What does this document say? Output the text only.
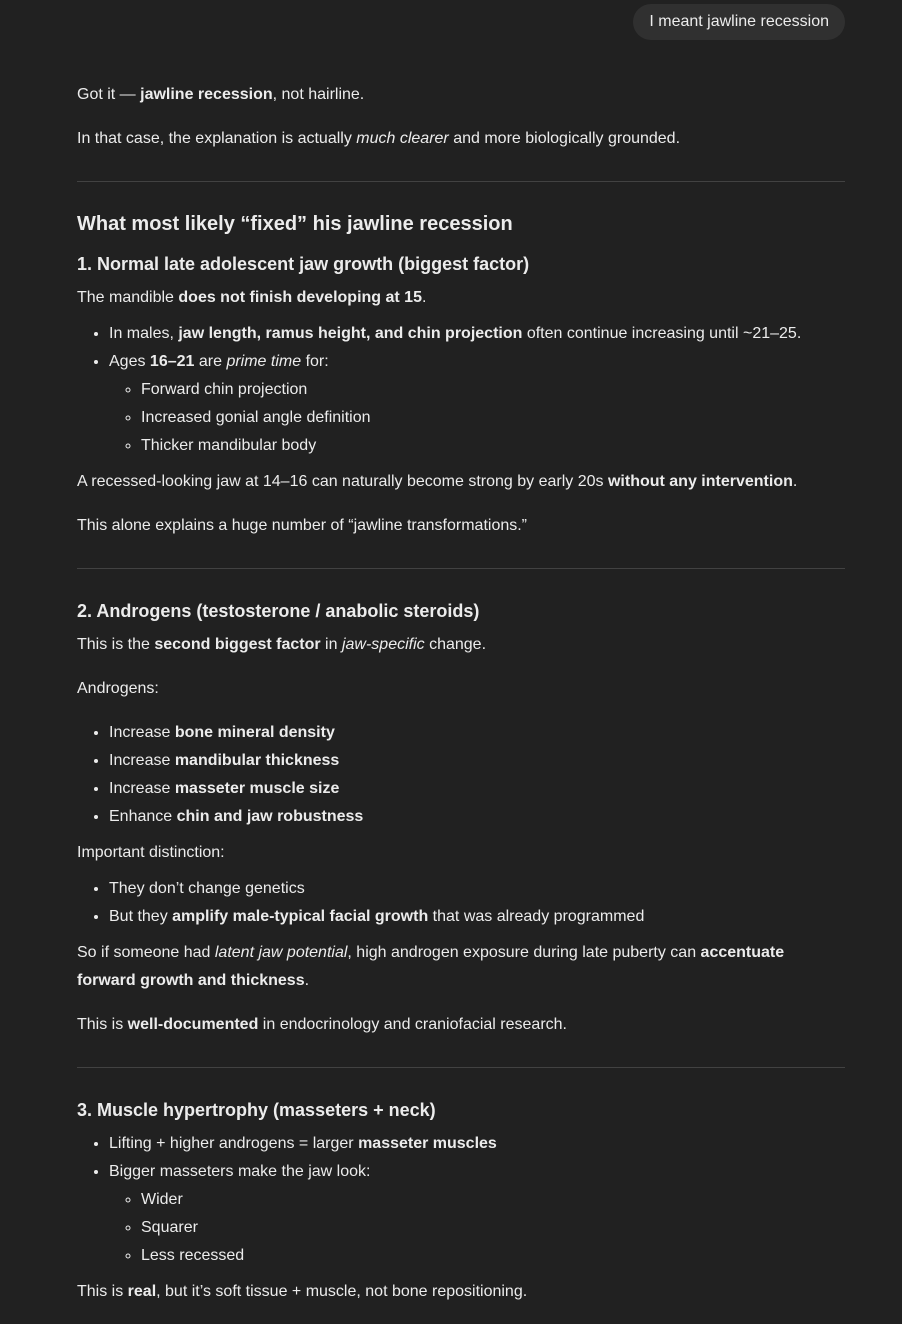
I meant jawline recession

Got it — jawline recession, not hairline.

In that case, the explanation is actually much clearer and more biologically grounded.

What most likely “fixed” his jawline recession
1. Normal late adolescent jaw growth (biggest factor)

The mandible does not finish developing at 15.

• In males, jaw length, ramus height, and chin projection often continue increasing until ~21–25.
• Ages 16–21 are prime time for:
◦ Forward chin projection
◦ Increased gonial angle definition
◦ Thicker mandibular body

A recessed-looking jaw at 14–16 can naturally become strong by early 20s without any intervention.

This alone explains a huge number of “jawline transformations.”

2. Androgens (testosterone / anabolic steroids)

This is the second biggest factor in jaw-specific change.

Androgens:

• Increase bone mineral density
• Increase mandibular thickness
• Increase masseter muscle size
• Enhance chin and jaw robustness

Important distinction:

• They don’t change genetics
• But they amplify male-typical facial growth that was already programmed

So if someone had latent jaw potential, high androgen exposure during late puberty can accentuate forward growth and thickness.

This is well-documented in endocrinology and craniofacial research.

3. Muscle hypertrophy (masseters + neck)
• Lifting + higher androgens = larger masseter muscles
• Bigger masseters make the jaw look:
◦ Wider
◦ Squarer
◦ Less recessed

This is real, but it’s soft tissue + muscle, not bone repositioning.
